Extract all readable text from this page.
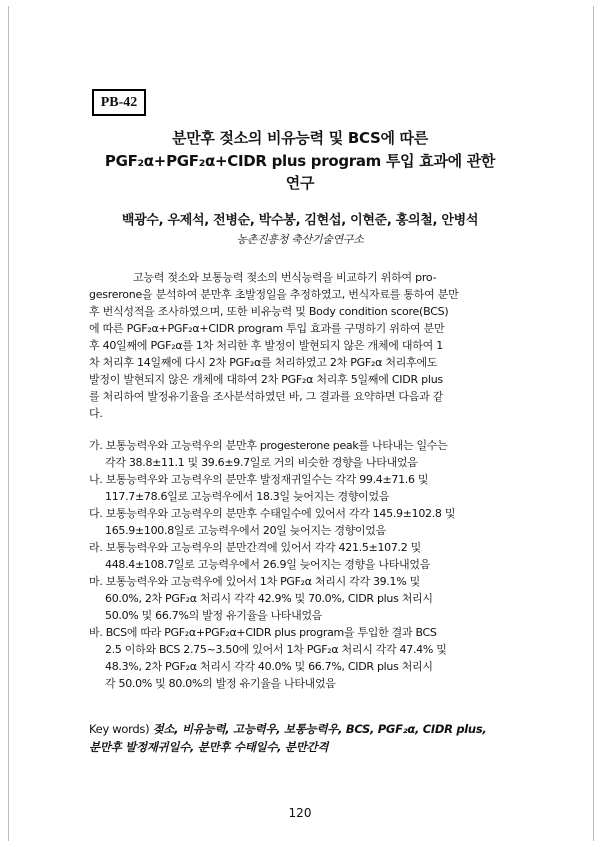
PB-42
분만후 젖소의 비유능력 및 BCS에 따른
PGF₂α+PGF₂α+CIDR plus program 투입 효과에 관한
연구
백광수, 우제석, 전병순, 박수봉, 김현섭, 이현준, 홍의철, 안병석
농촌진흥청 축산기술연구소
고능력 젖소와 보통능력 젖소의 번식능력을 비교하기 위하여 pro-
gesrerone을 분석하여 분만후 초발정일을 추정하였고, 번식자료를 통하여 분만
후 번식성적을 조사하였으며, 또한 비유능력 및 Body condition score(BCS)
에 따른 PGF₂α+PGF₂α+CIDR program 투입 효과를 구명하기 위하여 분만
후 40일째에 PGF₂α를 1차 처리한 후 발정이 발현되지 않은 개체에 대하여 1
차 처리후 14일째에 다시 2차 PGF₂α를 처리하였고 2차 PGF₂α 처리후에도
발정이 발현되지 않은 개체에 대하여 2차 PGF₂α 처리후 5일째에 CIDR plus
를 처리하여 발정유기율을 조사분석하였던 바, 그 결과를 요약하면 다음과 같
다.
가. 보통능력우와 고능력우의 분만후 progesterone peak를 나타내는 일수는
각각 38.8±11.1 및 39.6±9.7일로 거의 비슷한 경향을 나타내었음
나. 보통능력우와 고능력우의 분만후 발정재귀일수는 각각 99.4±71.6 및
117.7±78.6일로 고능력우에서 18.3일 늦어지는 경향이었음
다. 보통능력우와 고능력우의 분만후 수태일수에 있어서 각각 145.9±102.8 및
165.9±100.8일로 고능력우에서 20일 늦어지는 경향이었음
라. 보통능력우와 고능력우의 분만간격에 있어서 각각 421.5±107.2 및
448.4±108.7일로 고능력우에서 26.9일 늦어지는 경향을 나타내었음
마. 보통능력우와 고능력우에 있어서 1차 PGF₂α 처리시 각각 39.1% 및
60.0%, 2차 PGF₂α 처리시 각각 42.9% 및 70.0%, CIDR plus 처리시
50.0% 및 66.7%의 발정 유기율을 나타내었음
바. BCS에 따라 PGF₂α+PGF₂α+CIDR plus program을 투입한 결과 BCS
2.5 이하와 BCS 2.75~3.50에 있어서 1차 PGF₂α 처리시 각각 47.4% 및
48.3%, 2차 PGF₂α 처리시 각각 40.0% 및 66.7%, CIDR plus 처리시
각 50.0% 및 80.0%의 발정 유기율을 나타내었음
Key words) 젖소, 비유능력, 고능력우, 보통능력우, BCS, PGF₂α, CIDR plus,
분만후 발정재귀일수, 분만후 수태일수, 분만간격
120
